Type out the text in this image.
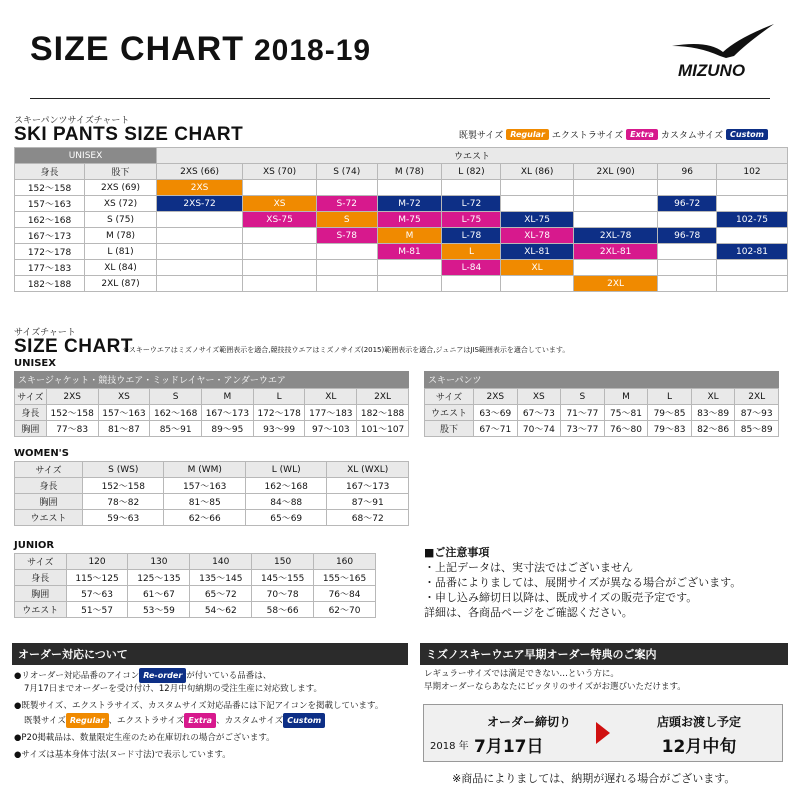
SIZE CHART 2018-19
MIZUNO
スキーパンツサイズチャート
SKI PANTS SIZE CHART	既製サイズ Regular エクストラサイズ Extra カスタムサイズ Custom
UNISEX		ウエスト								
身長	股下	2XS (66)	XS (70)	S (74)	M (78)	L (82)	XL (86)	2XL (90)	96	102
152〜158	2XS (69)	2XS								
157〜163	XS (72)	2XS-72	XS	S-72	M-72	L-72			96-72	
162〜168	S (75)		XS-75	S	M-75	L-75	XL-75			102-75
167〜173	M (78)			S-78	M	L-78	XL-78	2XL-78	96-78	
172〜178	L (81)				M-81	L	XL-81	2XL-81		102-81
177〜183	XL (84)					L-84	XL			
182〜188	2XL (87)							2XL		
サイズチャート
SIZE CHART
※スキーウエアはミズノサイズ範囲表示を適合,競技技ウエアはミズノサイズ(2015)範囲表示を適合,ジュニアはJIS範囲表示を適合しています。
UNISEX
スキージャケット・競技ウエア・ミッドレイヤー・アンダーウエア
サイズ	2XS	XS	S	M	L	XL	2XL
身長	152〜158	157〜163	162〜168	167〜173	172〜178	177〜183	182〜188
胸囲	77〜83	81〜87	85〜91	89〜95	93〜99	97〜103	101〜107
スキーパンツ
サイズ	2XS	XS	S	M	L	XL	2XL
ウエスト	63〜69	67〜73	71〜77	75〜81	79〜85	83〜89	87〜93
股下	67〜71	70〜74	73〜77	76〜80	79〜83	82〜86	85〜89
WOMEN'S
サイズ	S (WS)	M (WM)	L (WL)	XL (WXL)
身長	152〜158	157〜163	162〜168	167〜173
胸囲	78〜82	81〜85	84〜88	87〜91
ウエスト	59〜63	62〜66	65〜69	68〜72
JUNIOR
サイズ	120	130	140	150	160
身長	115〜125	125〜135	135〜145	145〜155	155〜165
胸囲	57〜63	61〜67	65〜72	70〜78	76〜84
ウエスト	51〜57	53〜59	54〜62	58〜66	62〜70
■ご注意事項
・上記データは、実寸法ではございません
・品番によりましては、展開サイズが異なる場合がございます。
・申し込み締切日以降は、既成サイズの販売予定です。
詳細は、各商品ページをご確認ください。
オーダー対応について
●リオーダー対応品番のアイコン Re-order が付いている品番は、
7月17日までオーダーを受け付け、12月中旬納期の受注生産に対応致します。
●既製サイズ、エクストラサイズ、カスタムサイズ対応品番には下記アイコンを掲載しています。
既製サイズ Regular 、エクストラサイズ Extra 、カスタムサイズ Custom
●P20掲載品は、数量限定生産のため在庫切れの場合がございます。
●サイズは基本身体寸法(ヌード寸法)で表示しています。
ミズノスキーウエア早期オーダー特典のご案内
レギュラーサイズでは満足できない…という方に。
早期オーダーならあなたにピッタリのサイズがお選びいただけます。
オーダー締切り
2018 年 7月17日
店頭お渡し予定
12月中旬
※商品によりましては、納期が遅れる場合がございます。
